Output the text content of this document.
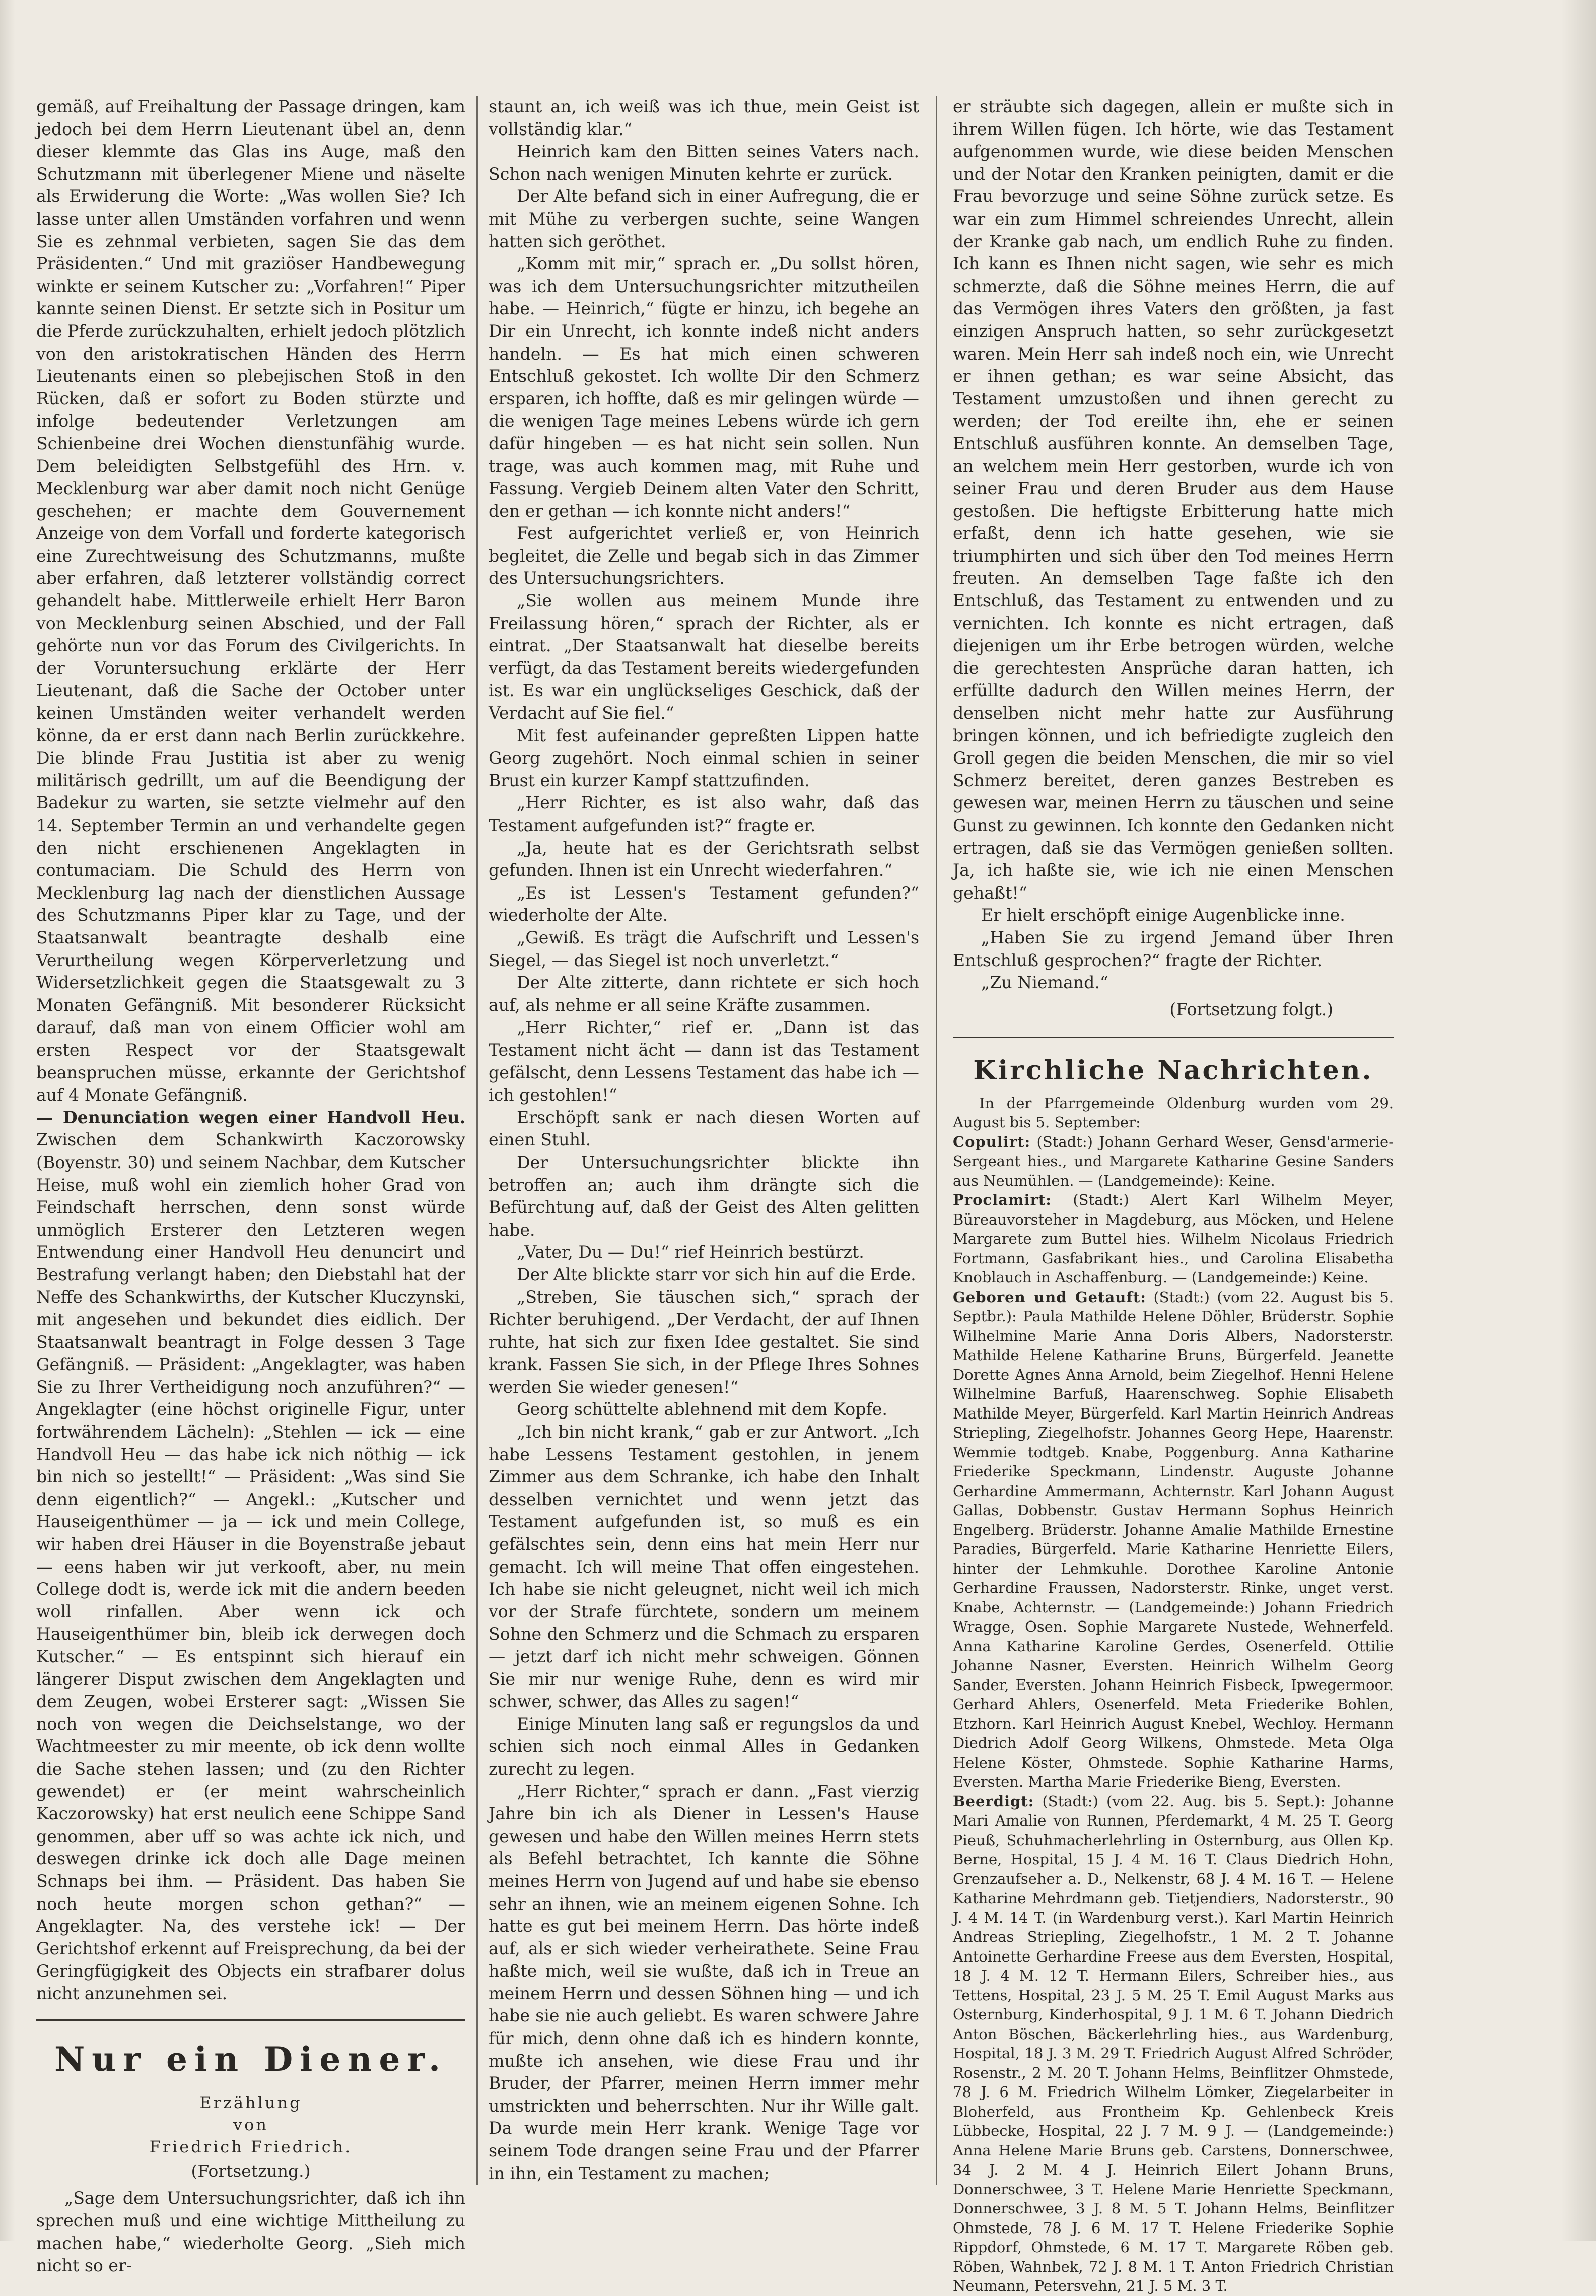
gemäß, auf Freihaltung der Passage dringen, kam jedoch bei dem Herrn Lieutenant übel an, denn dieser klemmte das Glas ins Auge, maß den Schutzmann mit überlegener Miene und näselte als Erwiderung die Worte: „Was wollen Sie? Ich lasse unter allen Umständen vorfahren und wenn Sie es zehnmal verbieten, sagen Sie das dem Präsidenten.“ Und mit graziöser Handbewegung winkte er seinem Kutscher zu: „Vorfahren!“ Piper kannte seinen Dienst. Er setzte sich in Positur um die Pferde zurückzuhalten, erhielt jedoch plötzlich von den aristokratischen Händen des Herrn Lieutenants einen so plebejischen Stoß in den Rücken, daß er sofort zu Boden stürzte und infolge bedeutender Verletzungen am Schienbeine drei Wochen dienstunfähig wurde. Dem beleidigten Selbstgefühl des Hrn. v. Mecklenburg war aber damit noch nicht Genüge geschehen; er machte dem Gouvernement Anzeige von dem Vorfall und forderte kategorisch eine Zurechtweisung des Schutzmanns, mußte aber erfahren, daß letzterer vollständig correct gehandelt habe. Mittlerweile erhielt Herr Baron von Mecklenburg seinen Abschied, und der Fall gehörte nun vor das Forum des Civilgerichts. In der Voruntersuchung erklärte der Herr Lieutenant, daß die Sache der October unter keinen Umständen weiter verhandelt werden könne, da er erst dann nach Berlin zurückkehre. Die blinde Frau Justitia ist aber zu wenig militärisch gedrillt, um auf die Beendigung der Badekur zu warten, sie setzte vielmehr auf den 14. September Termin an und verhandelte gegen den nicht erschienenen Angeklagten in contumaciam. Die Schuld des Herrn von Mecklenburg lag nach der dienstlichen Aussage des Schutzmanns Piper klar zu Tage, und der Staatsanwalt beantragte deshalb eine Verurtheilung wegen Körperverletzung und Widersetzlichkeit gegen die Staatsgewalt zu 3 Monaten Gefängniß. Mit besonderer Rücksicht darauf, daß man von einem Officier wohl am ersten Respect vor der Staatsgewalt beanspruchen müsse, erkannte der Gerichtshof auf 4 Monate Gefängniß.

— Denunciation wegen einer Handvoll Heu. Zwischen dem Schankwirth Kaczorowsky (Boyenstr. 30) und seinem Nachbar, dem Kutscher Heise, muß wohl ein ziemlich hoher Grad von Feindschaft herrschen, denn sonst würde unmöglich Ersterer den Letzteren wegen Entwendung einer Handvoll Heu denuncirt und Bestrafung verlangt haben; den Diebstahl hat der Neffe des Schankwirths, der Kutscher Kluczynski, mit angesehen und bekundet dies eidlich. Der Staatsanwalt beantragt in Folge dessen 3 Tage Gefängniß. — Präsident: „Angeklagter, was haben Sie zu Ihrer Vertheidigung noch anzuführen?“ — Angeklagter (eine höchst originelle Figur, unter fortwährendem Lächeln): „Stehlen — ick — eine Handvoll Heu — das habe ick nich nöthig — ick bin nich so jestellt!“ — Präsident: „Was sind Sie denn eigentlich?“ — Angekl.: „Kutscher und Hauseigenthümer — ja — ick und mein College, wir haben drei Häuser in die Boyenstraße jebaut — eens haben wir jut verkooft, aber, nu mein College dodt is, werde ick mit die andern beeden woll rinfallen. Aber wenn ick och Hauseigenthümer bin, bleib ick derwegen doch Kutscher.“ — Es entspinnt sich hierauf ein längerer Disput zwischen dem Angeklagten und dem Zeugen, wobei Ersterer sagt: „Wissen Sie noch von wegen die Deichselstange, wo der Wachtmeester zu mir meente, ob ick denn wollte die Sache stehen lassen; und (zu den Richter gewendet) er (er meint wahrscheinlich Kaczorowsky) hat erst neulich eene Schippe Sand genommen, aber uff so was achte ick nich, und deswegen drinke ick doch alle Dage meinen Schnaps bei ihm. — Präsident. Das haben Sie noch heute morgen schon gethan?“ — Angeklagter. Na, des verstehe ick! — Der Gerichtshof erkennt auf Freisprechung, da bei der Geringfügigkeit des Objects ein strafbarer dolus nicht anzunehmen sei.

Nur ein Diener.
Erzählung
von
Friedrich Friedrich.
(Fortsetzung.)

„Sage dem Untersuchungsrichter, daß ich ihn sprechen muß und eine wichtige Mittheilung zu machen habe,“ wiederholte Georg. „Sieh mich nicht so er-

staunt an, ich weiß was ich thue, mein Geist ist vollständig klar.“

Heinrich kam den Bitten seines Vaters nach. Schon nach wenigen Minuten kehrte er zurück.

Der Alte befand sich in einer Aufregung, die er mit Mühe zu verbergen suchte, seine Wangen hatten sich geröthet.

„Komm mit mir,“ sprach er. „Du sollst hören, was ich dem Untersuchungsrichter mitzutheilen habe. — Heinrich,“ fügte er hinzu, ich begehe an Dir ein Unrecht, ich konnte indeß nicht anders handeln. — Es hat mich einen schweren Entschluß gekostet. Ich wollte Dir den Schmerz ersparen, ich hoffte, daß es mir gelingen würde — die wenigen Tage meines Lebens würde ich gern dafür hingeben — es hat nicht sein sollen. Nun trage, was auch kommen mag, mit Ruhe und Fassung. Vergieb Deinem alten Vater den Schritt, den er gethan — ich konnte nicht anders!“

Fest aufgerichtet verließ er, von Heinrich begleitet, die Zelle und begab sich in das Zimmer des Untersuchungsrichters.

„Sie wollen aus meinem Munde ihre Freilassung hören,“ sprach der Richter, als er eintrat. „Der Staatsanwalt hat dieselbe bereits verfügt, da das Testament bereits wiedergefunden ist. Es war ein unglückseliges Geschick, daß der Verdacht auf Sie fiel.“

Mit fest aufeinander gepreßten Lippen hatte Georg zugehört. Noch einmal schien in seiner Brust ein kurzer Kampf stattzufinden.

„Herr Richter, es ist also wahr, daß das Testament aufgefunden ist?“ fragte er.

„Ja, heute hat es der Gerichtsrath selbst gefunden. Ihnen ist ein Unrecht wiederfahren.“

„Es ist Lessen's Testament gefunden?“ wiederholte der Alte.

„Gewiß. Es trägt die Aufschrift und Lessen's Siegel, — das Siegel ist noch unverletzt.“

Der Alte zitterte, dann richtete er sich hoch auf, als nehme er all seine Kräfte zusammen.

„Herr Richter,“ rief er. „Dann ist das Testament nicht ächt — dann ist das Testament gefälscht, denn Lessens Testament das habe ich — ich gestohlen!“

Erschöpft sank er nach diesen Worten auf einen Stuhl.

Der Untersuchungsrichter blickte ihn betroffen an; auch ihm drängte sich die Befürchtung auf, daß der Geist des Alten gelitten habe.

„Vater, Du — Du!“ rief Heinrich bestürzt.

Der Alte blickte starr vor sich hin auf die Erde.

„Streben, Sie täuschen sich,“ sprach der Richter beruhigend. „Der Verdacht, der auf Ihnen ruhte, hat sich zur fixen Idee gestaltet. Sie sind krank. Fassen Sie sich, in der Pflege Ihres Sohnes werden Sie wieder genesen!“

Georg schüttelte ablehnend mit dem Kopfe.

„Ich bin nicht krank,“ gab er zur Antwort. „Ich habe Lessens Testament gestohlen, in jenem Zimmer aus dem Schranke, ich habe den Inhalt desselben vernichtet und wenn jetzt das Testament aufgefunden ist, so muß es ein gefälschtes sein, denn eins hat mein Herr nur gemacht. Ich will meine That offen eingestehen. Ich habe sie nicht geleugnet, nicht weil ich mich vor der Strafe fürchtete, sondern um meinem Sohne den Schmerz und die Schmach zu ersparen — jetzt darf ich nicht mehr schweigen. Gönnen Sie mir nur wenige Ruhe, denn es wird mir schwer, schwer, das Alles zu sagen!“

Einige Minuten lang saß er regungslos da und schien sich noch einmal Alles in Gedanken zurecht zu legen.

„Herr Richter,“ sprach er dann. „Fast vierzig Jahre bin ich als Diener in Lessen's Hause gewesen und habe den Willen meines Herrn stets als Befehl betrachtet, Ich kannte die Söhne meines Herrn von Jugend auf und habe sie ebenso sehr an ihnen, wie an meinem eigenen Sohne. Ich hatte es gut bei meinem Herrn. Das hörte indeß auf, als er sich wieder verheirathete. Seine Frau haßte mich, weil sie wußte, daß ich in Treue an meinem Herrn und dessen Söhnen hing — und ich habe sie nie auch geliebt. Es waren schwere Jahre für mich, denn ohne daß ich es hindern konnte, mußte ich ansehen, wie diese Frau und ihr Bruder, der Pfarrer, meinen Herrn immer mehr umstrickten und beherrschten. Nur ihr Wille galt. Da wurde mein Herr krank. Wenige Tage vor seinem Tode drangen seine Frau und der Pfarrer in ihn, ein Testament zu machen;

er sträubte sich dagegen, allein er mußte sich in ihrem Willen fügen. Ich hörte, wie das Testament aufgenommen wurde, wie diese beiden Menschen und der Notar den Kranken peinigten, damit er die Frau bevorzuge und seine Söhne zurück setze. Es war ein zum Himmel schreiendes Unrecht, allein der Kranke gab nach, um endlich Ruhe zu finden. Ich kann es Ihnen nicht sagen, wie sehr es mich schmerzte, daß die Söhne meines Herrn, die auf das Vermögen ihres Vaters den größten, ja fast einzigen Anspruch hatten, so sehr zurückgesetzt waren. Mein Herr sah indeß noch ein, wie Unrecht er ihnen gethan; es war seine Absicht, das Testament umzustoßen und ihnen gerecht zu werden; der Tod ereilte ihn, ehe er seinen Entschluß ausführen konnte. An demselben Tage, an welchem mein Herr gestorben, wurde ich von seiner Frau und deren Bruder aus dem Hause gestoßen. Die heftigste Erbitterung hatte mich erfaßt, denn ich hatte gesehen, wie sie triumphirten und sich über den Tod meines Herrn freuten. An demselben Tage faßte ich den Entschluß, das Testament zu entwenden und zu vernichten. Ich konnte es nicht ertragen, daß diejenigen um ihr Erbe betrogen würden, welche die gerechtesten Ansprüche daran hatten, ich erfüllte dadurch den Willen meines Herrn, der denselben nicht mehr hatte zur Ausführung bringen können, und ich befriedigte zugleich den Groll gegen die beiden Menschen, die mir so viel Schmerz bereitet, deren ganzes Bestreben es gewesen war, meinen Herrn zu täuschen und seine Gunst zu gewinnen. Ich konnte den Gedanken nicht ertragen, daß sie das Vermögen genießen sollten. Ja, ich haßte sie, wie ich nie einen Menschen gehaßt!“

Er hielt erschöpft einige Augenblicke inne.

„Haben Sie zu irgend Jemand über Ihren Entschluß gesprochen?“ fragte der Richter.

„Zu Niemand.“

(Fortsetzung folgt.)
Kirchliche Nachrichten.

In der Pfarrgemeinde Oldenburg wurden vom 29. August bis 5. September:

Copulirt: (Stadt:) Johann Gerhard Weser, Gensd'armerie-Sergeant hies., und Margarete Katharine Gesine Sanders aus Neumühlen. — (Landgemeinde): Keine.

Proclamirt: (Stadt:) Alert Karl Wilhelm Meyer, Büreauvorsteher in Magdeburg, aus Möcken, und Helene Margarete zum Buttel hies. Wilhelm Nicolaus Friedrich Fortmann, Gasfabrikant hies., und Carolina Elisabetha Knoblauch in Aschaffenburg. — (Landgemeinde:) Keine.

Geboren und Getauft: (Stadt:) (vom 22. August bis 5. Septbr.): Paula Mathilde Helene Döhler, Brüderstr. Sophie Wilhelmine Marie Anna Doris Albers, Nadorsterstr. Mathilde Helene Katharine Bruns, Bürgerfeld. Jeanette Dorette Agnes Anna Arnold, beim Ziegelhof. Henni Helene Wilhelmine Barfuß, Haarenschweg. Sophie Elisabeth Mathilde Meyer, Bürgerfeld. Karl Martin Heinrich Andreas Striepling, Ziegelhofstr. Johannes Georg Hepe, Haarenstr. Wemmie todtgeb. Knabe, Poggenburg. Anna Katharine Friederike Speckmann, Lindenstr. Auguste Johanne Gerhardine Ammermann, Achternstr. Karl Johann August Gallas, Dobbenstr. Gustav Hermann Sophus Heinrich Engelberg. Brüderstr. Johanne Amalie Mathilde Ernestine Paradies, Bürgerfeld. Marie Katharine Henriette Eilers, hinter der Lehmkuhle. Dorothee Karoline Antonie Gerhardine Fraussen, Nadorsterstr. Rinke, unget verst. Knabe, Achternstr. — (Landgemeinde:) Johann Friedrich Wragge, Osen. Sophie Margarete Nustede, Wehnerfeld. Anna Katharine Karoline Gerdes, Osenerfeld. Ottilie Johanne Nasner, Eversten. Heinrich Wilhelm Georg Sander, Eversten. Johann Heinrich Fisbeck, Ipwegermoor. Gerhard Ahlers, Osenerfeld. Meta Friederike Bohlen, Etzhorn. Karl Heinrich August Knebel, Wechloy. Hermann Diedrich Adolf Georg Wilkens, Ohmstede. Meta Olga Helene Köster, Ohmstede. Sophie Katharine Harms, Eversten. Martha Marie Friederike Bieng, Eversten.

Beerdigt: (Stadt:) (vom 22. Aug. bis 5. Sept.): Johanne Mari Amalie von Runnen, Pferdemarkt, 4 M. 25 T. Georg Pieuß, Schuhmacherlehrling in Osternburg, aus Ollen Kp. Berne, Hospital, 15 J. 4 M. 16 T. Claus Diedrich Hohn, Grenzaufseher a. D., Nelkenstr, 68 J. 4 M. 16 T. — Helene Katharine Mehrdmann geb. Tietjendiers, Nadorsterstr., 90 J. 4 M. 14 T. (in Wardenburg verst.). Karl Martin Heinrich Andreas Striepling, Ziegelhofstr., 1 M. 2 T. Johanne Antoinette Gerhardine Freese aus dem Eversten, Hospital, 18 J. 4 M. 12 T. Hermann Eilers, Schreiber hies., aus Tettens, Hospital, 23 J. 5 M. 25 T. Emil August Marks aus Osternburg, Kinderhospital, 9 J. 1 M. 6 T. Johann Diedrich Anton Böschen, Bäckerlehrling hies., aus Wardenburg, Hospital, 18 J. 3 M. 29 T. Friedrich August Alfred Schröder, Rosenstr., 2 M. 20 T. Johann Helms, Beinflitzer Ohmstede, 78 J. 6 M. Friedrich Wilhelm Lömker, Ziegelarbeiter in Bloherfeld, aus Frontheim Kp. Gehlenbeck Kreis Lübbecke, Hospital, 22 J. 7 M. 9 J. — (Landgemeinde:) Anna Helene Marie Bruns geb. Carstens, Donnerschwee, 34 J. 2 M. 4 J. Heinrich Eilert Johann Bruns, Donnerschwee, 3 T. Helene Marie Henriette Speckmann, Donnerschwee, 3 J. 8 M. 5 T. Johann Helms, Beinflitzer Ohmstede, 78 J. 6 M. 17 T. Helene Friederike Sophie Rippdorf, Ohmstede, 6 M. 17 T. Margarete Röben geb. Röben, Wahnbek, 72 J. 8 M. 1 T. Anton Friedrich Christian Neumann, Petersvehn, 21 J. 5 M. 3 T.
